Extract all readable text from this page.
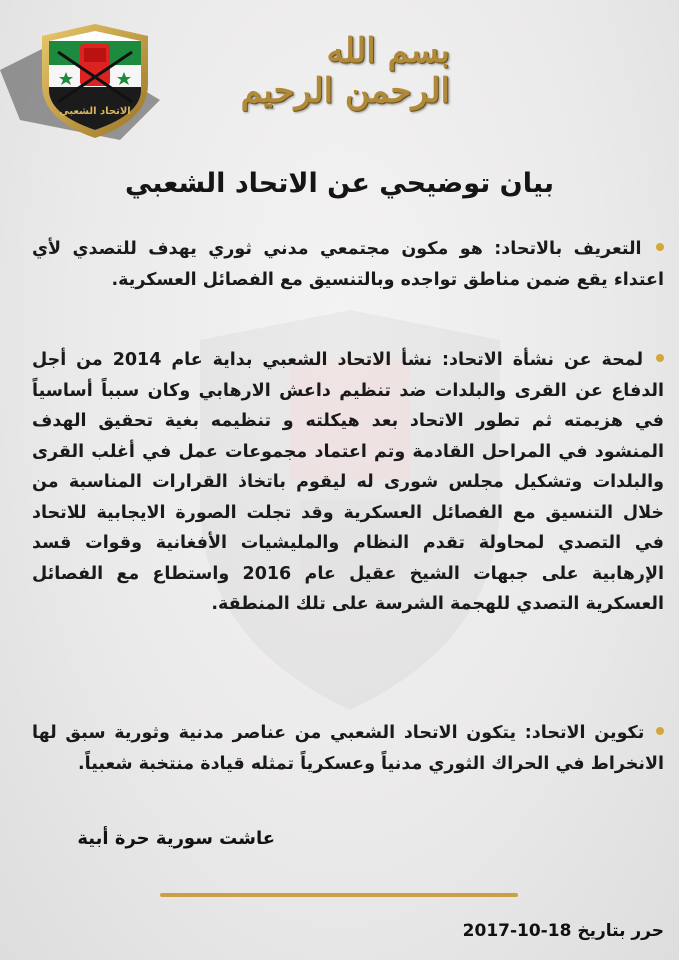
الاتحاد الشعبي
بسم الله الرحمن الرحيم
بيان توضيحي عن الاتحاد الشعبي
التعريف بالاتحاد: هو مكون مجتمعي مدني ثوري يهدف للتصدي لأي اعتداء يقع ضمن مناطق تواجده وبالتنسيق مع الفصائل العسكرية.
لمحة عن نشأة الاتحاد: نشأ الاتحاد الشعبي بداية عام 2014 من أجل الدفاع عن القرى والبلدات ضد تنظيم داعش الارهابي وكان سبباً أساسياً في هزيمته ثم تطور الاتحاد بعد هيكلته و تنظيمه بغية تحقيق الهدف المنشود في المراحل القادمة وتم اعتماد مجموعات عمل في أغلب القرى والبلدات وتشكيل مجلس شورى له ليقوم باتخاذ القرارات المناسبة من خلال التنسيق مع الفصائل العسكرية وقد تجلت الصورة الايجابية للاتحاد في التصدي لمحاولة تقدم النظام والمليشيات الأفغانية وقوات قسد الإرهابية على جبهات الشيخ عقيل عام 2016 واستطاع مع الفصائل العسكرية التصدي للهجمة الشرسة على تلك المنطقة.
تكوين الاتحاد: يتكون الاتحاد الشعبي من عناصر مدنية وثورية سبق لها الانخراط في الحراك الثوري مدنياً وعسكرياً تمثله قيادة منتخبة شعبياً.
عاشت سورية حرة أبية
حرر بتاريخ 2017-10-18
